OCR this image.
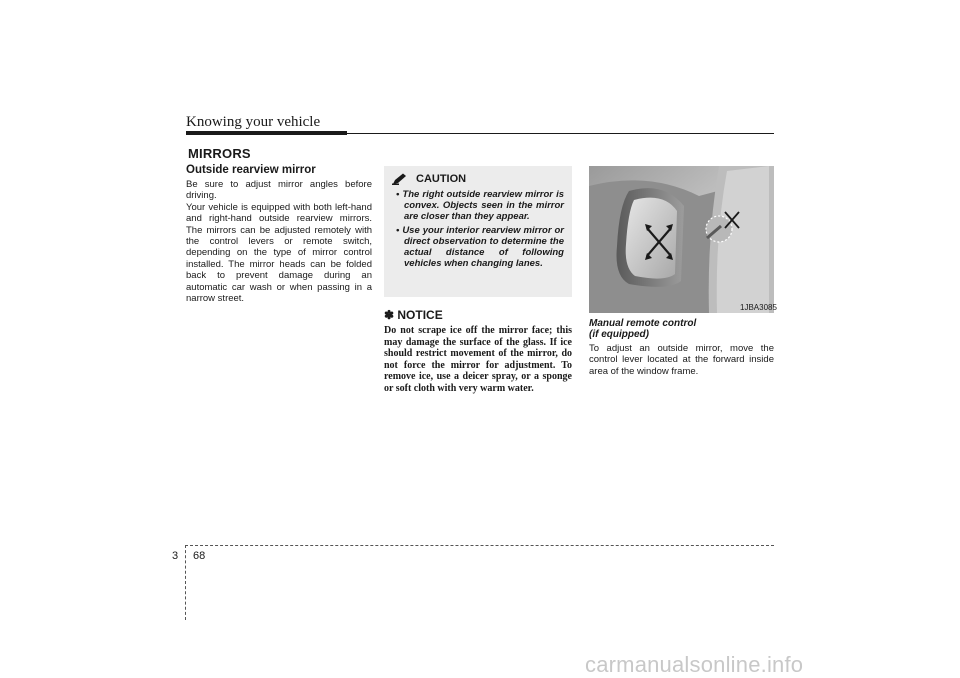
Knowing your vehicle
MIRRORS

Outside rearview mirror

Be sure to adjust mirror angles before driving.

Your vehicle is equipped with both left-hand and right-hand outside rearview mirrors. The mirrors can be adjusted remotely with the control levers or remote switch, depending on the type of mirror control installed. The mirror heads can be folded back to prevent damage during an automatic car wash or when passing in a narrow street.

CAUTION

• The right outside rearview mirror is convex. Objects seen in the mirror are closer than they appear.

• Use your interior rearview mirror or direct observation to determine the actual distance of following vehicles when changing lanes.

✽ NOTICE

Do not scrape ice off the mirror face; this may damage the surface of the glass. If ice should restrict movement of the mirror, do not force the mirror for adjustment. To remove ice, use a deicer spray, or a sponge or soft cloth with very warm water.

1JBA3085

Manual remote control
(if equipped)

To adjust an outside mirror, move the control lever located at the forward inside area of the window frame.

3 68
carmanualsonline.info
